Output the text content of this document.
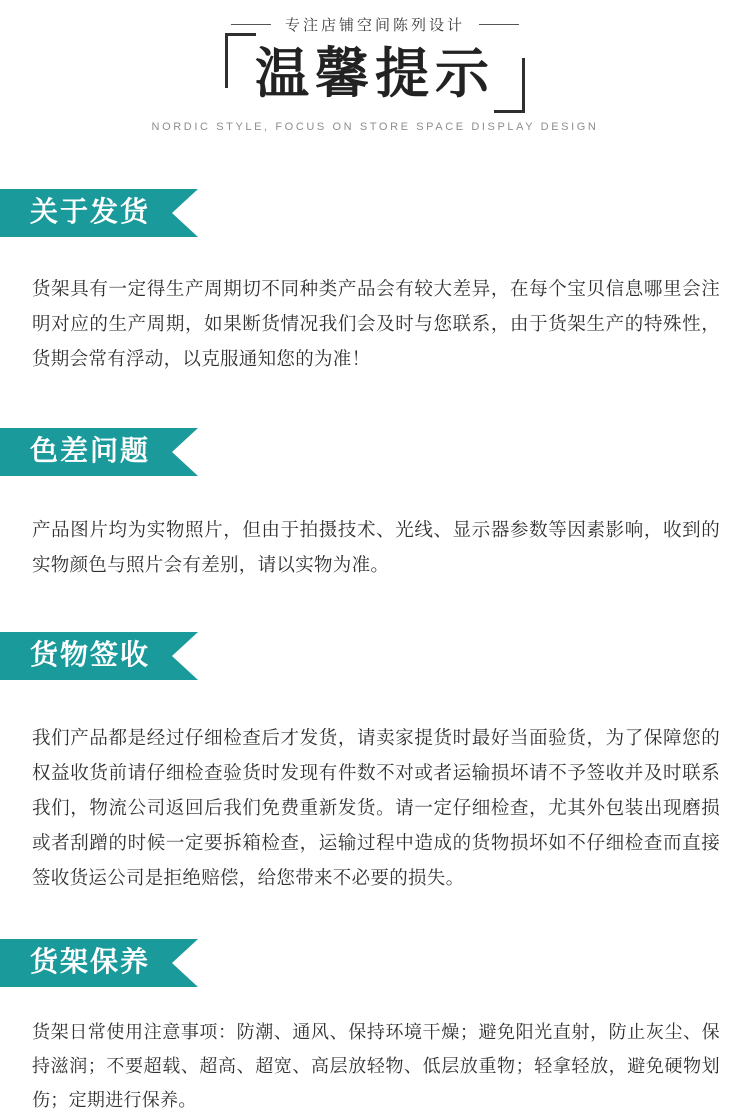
专注店铺空间陈列设计
温馨提示
NORDIC STYLE, FOCUS ON STORE SPACE DISPLAY DESIGN
关于发货
货架具有一定得生产周期切不同种类产品会有较大差异，在每个宝贝信息哪里会注明对应的生产周期，如果断货情况我们会及时与您联系，由于货架生产的特殊性，货期会常有浮动，以克服通知您的为准！
色差问题
产品图片均为实物照片，但由于拍摄技术、光线、显示器参数等因素影响，收到的实物颜色与照片会有差别，请以实物为准。
货物签收
我们产品都是经过仔细检查后才发货，请卖家提货时最好当面验货，为了保障您的权益收货前请仔细检查验货时发现有件数不对或者运输损坏请不予签收并及时联系我们，物流公司返回后我们免费重新发货。请一定仔细检查，尤其外包装出现磨损或者刮蹭的时候一定要拆箱检查，运输过程中造成的货物损坏如不仔细检查而直接签收货运公司是拒绝赔偿，给您带来不必要的损失。
货架保养
货架日常使用注意事项：防潮、通风、保持环境干燥；避免阳光直射，防止灰尘、保持滋润；不要超载、超高、超宽、高层放轻物、低层放重物；轻拿轻放，避免硬物划伤；定期进行保养。
